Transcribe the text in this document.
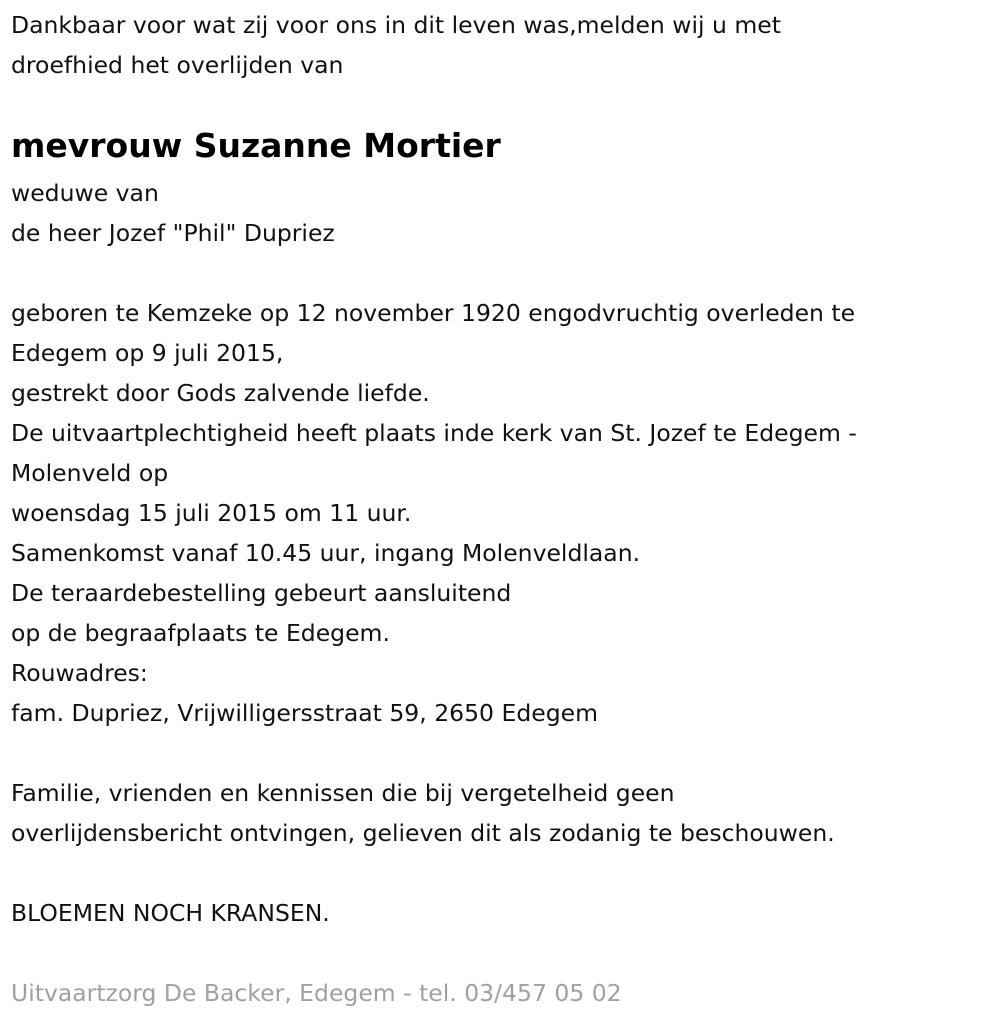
Dankbaar voor wat zij voor ons in dit leven was,melden wij u met
droefhied het overlijden van
mevrouw Suzanne Mortier
weduwe van
de heer Jozef "Phil" Dupriez
geboren te Kemzeke op 12 november 1920 engodvruchtig overleden te
Edegem op 9 juli 2015,
gestrekt door Gods zalvende liefde.
De uitvaartplechtigheid heeft plaats inde kerk van St. Jozef te Edegem -
Molenveld op
woensdag 15 juli 2015 om 11 uur.
Samenkomst vanaf 10.45 uur, ingang Molenveldlaan.
De teraardebestelling gebeurt aansluitend
op de begraafplaats te Edegem.
Rouwadres:
fam. Dupriez, Vrijwilligersstraat 59, 2650 Edegem
Familie, vrienden en kennissen die bij vergetelheid geen
overlijdensbericht ontvingen, gelieven dit als zodanig te beschouwen.
BLOEMEN NOCH KRANSEN.
Uitvaartzorg De Backer, Edegem - tel. 03/457 05 02
